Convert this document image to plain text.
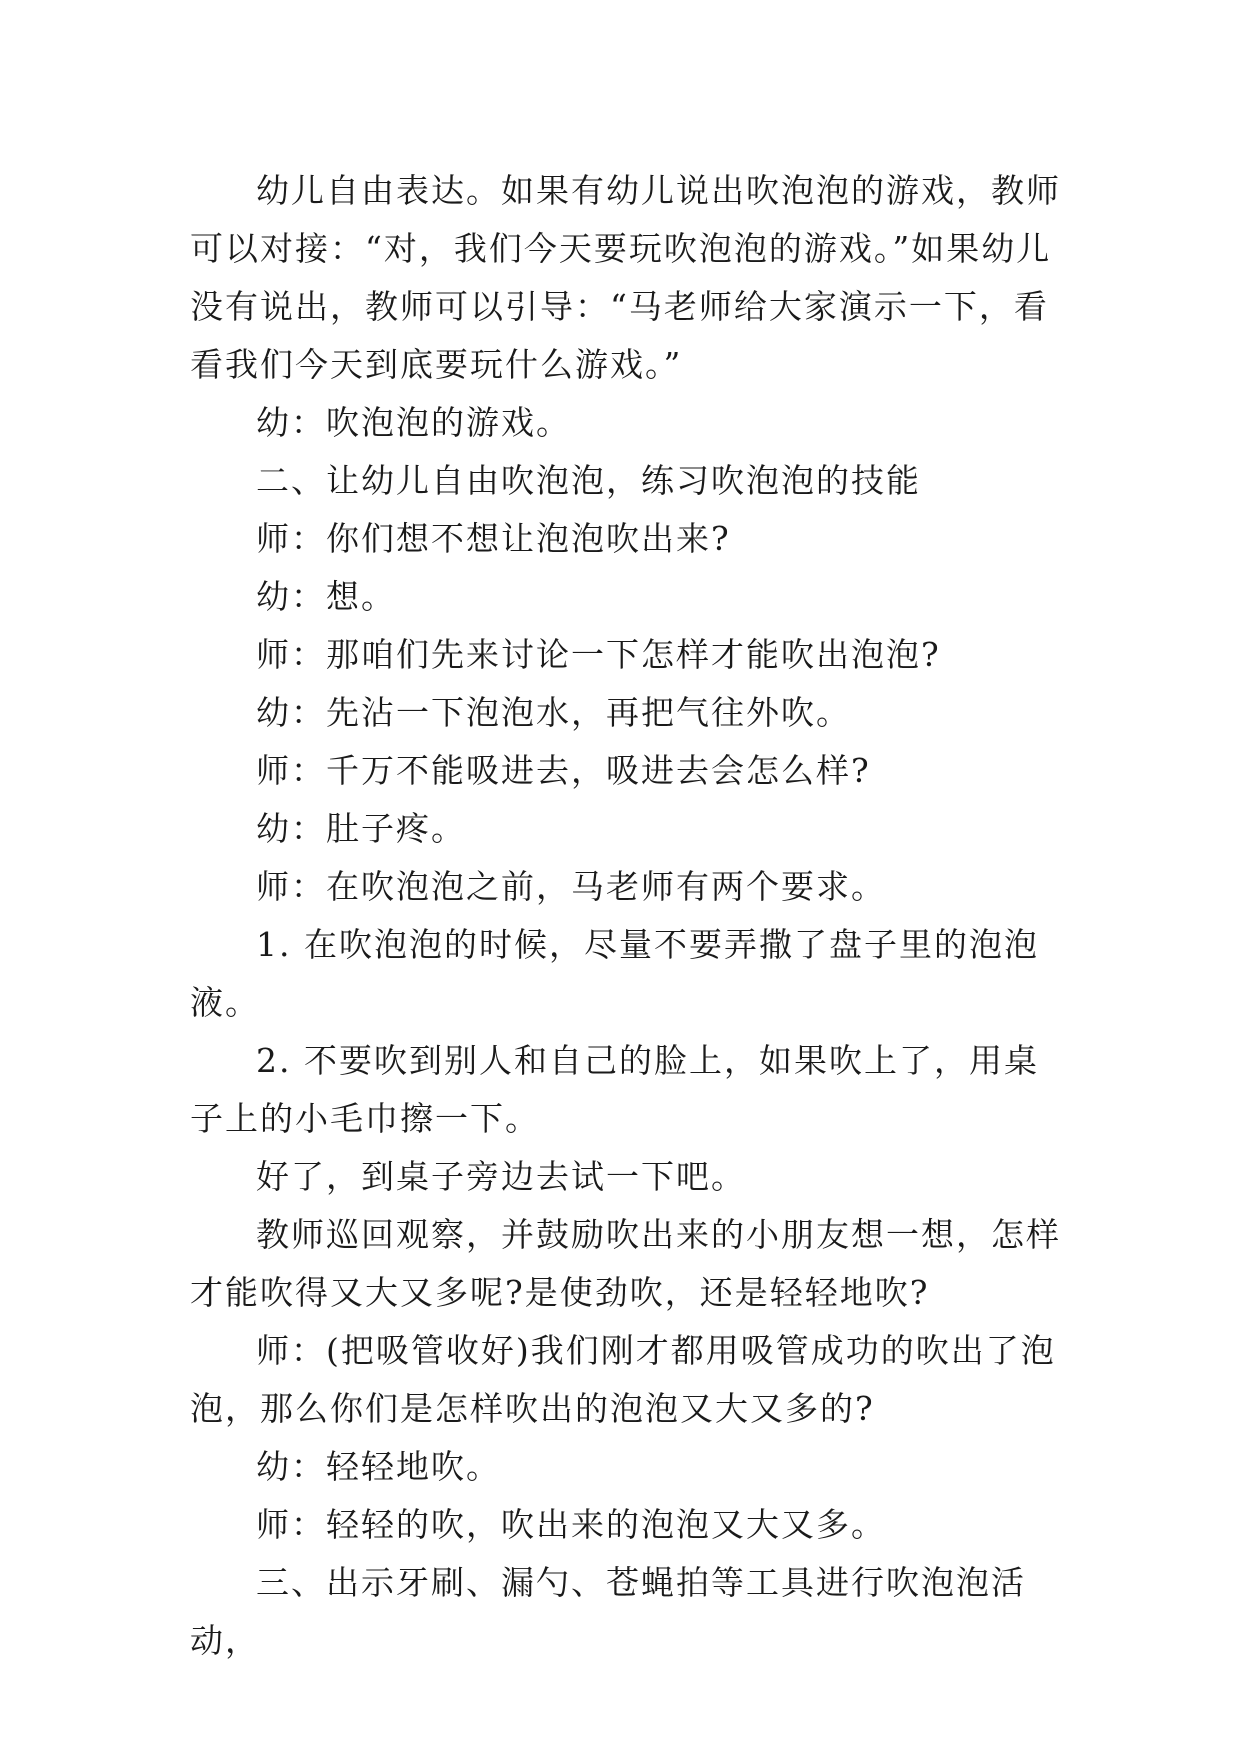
幼儿自由表达。如果有幼儿说出吹泡泡的游戏，教师可以对接：“对，我们今天要玩吹泡泡的游戏。”如果幼儿没有说出，教师可以引导：“马老师给大家演示一下，看看我们今天到底要玩什么游戏。”

幼：吹泡泡的游戏。

二、让幼儿自由吹泡泡，练习吹泡泡的技能

师：你们想不想让泡泡吹出来?

幼：想。

师：那咱们先来讨论一下怎样才能吹出泡泡?

幼：先沾一下泡泡水，再把气往外吹。

师：千万不能吸进去，吸进去会怎么样?

幼：肚子疼。

师：在吹泡泡之前，马老师有两个要求。

1. 在吹泡泡的时候，尽量不要弄撒了盘子里的泡泡液。

2. 不要吹到别人和自己的脸上，如果吹上了，用桌子上的小毛巾擦一下。

好了，到桌子旁边去试一下吧。

教师巡回观察，并鼓励吹出来的小朋友想一想，怎样才能吹得又大又多呢?是使劲吹，还是轻轻地吹?

师：(把吸管收好)我们刚才都用吸管成功的吹出了泡泡，那么你们是怎样吹出的泡泡又大又多的?

幼：轻轻地吹。

师：轻轻的吹，吹出来的泡泡又大又多。

三、出示牙刷、漏勺、苍蝇拍等工具进行吹泡泡活动，
